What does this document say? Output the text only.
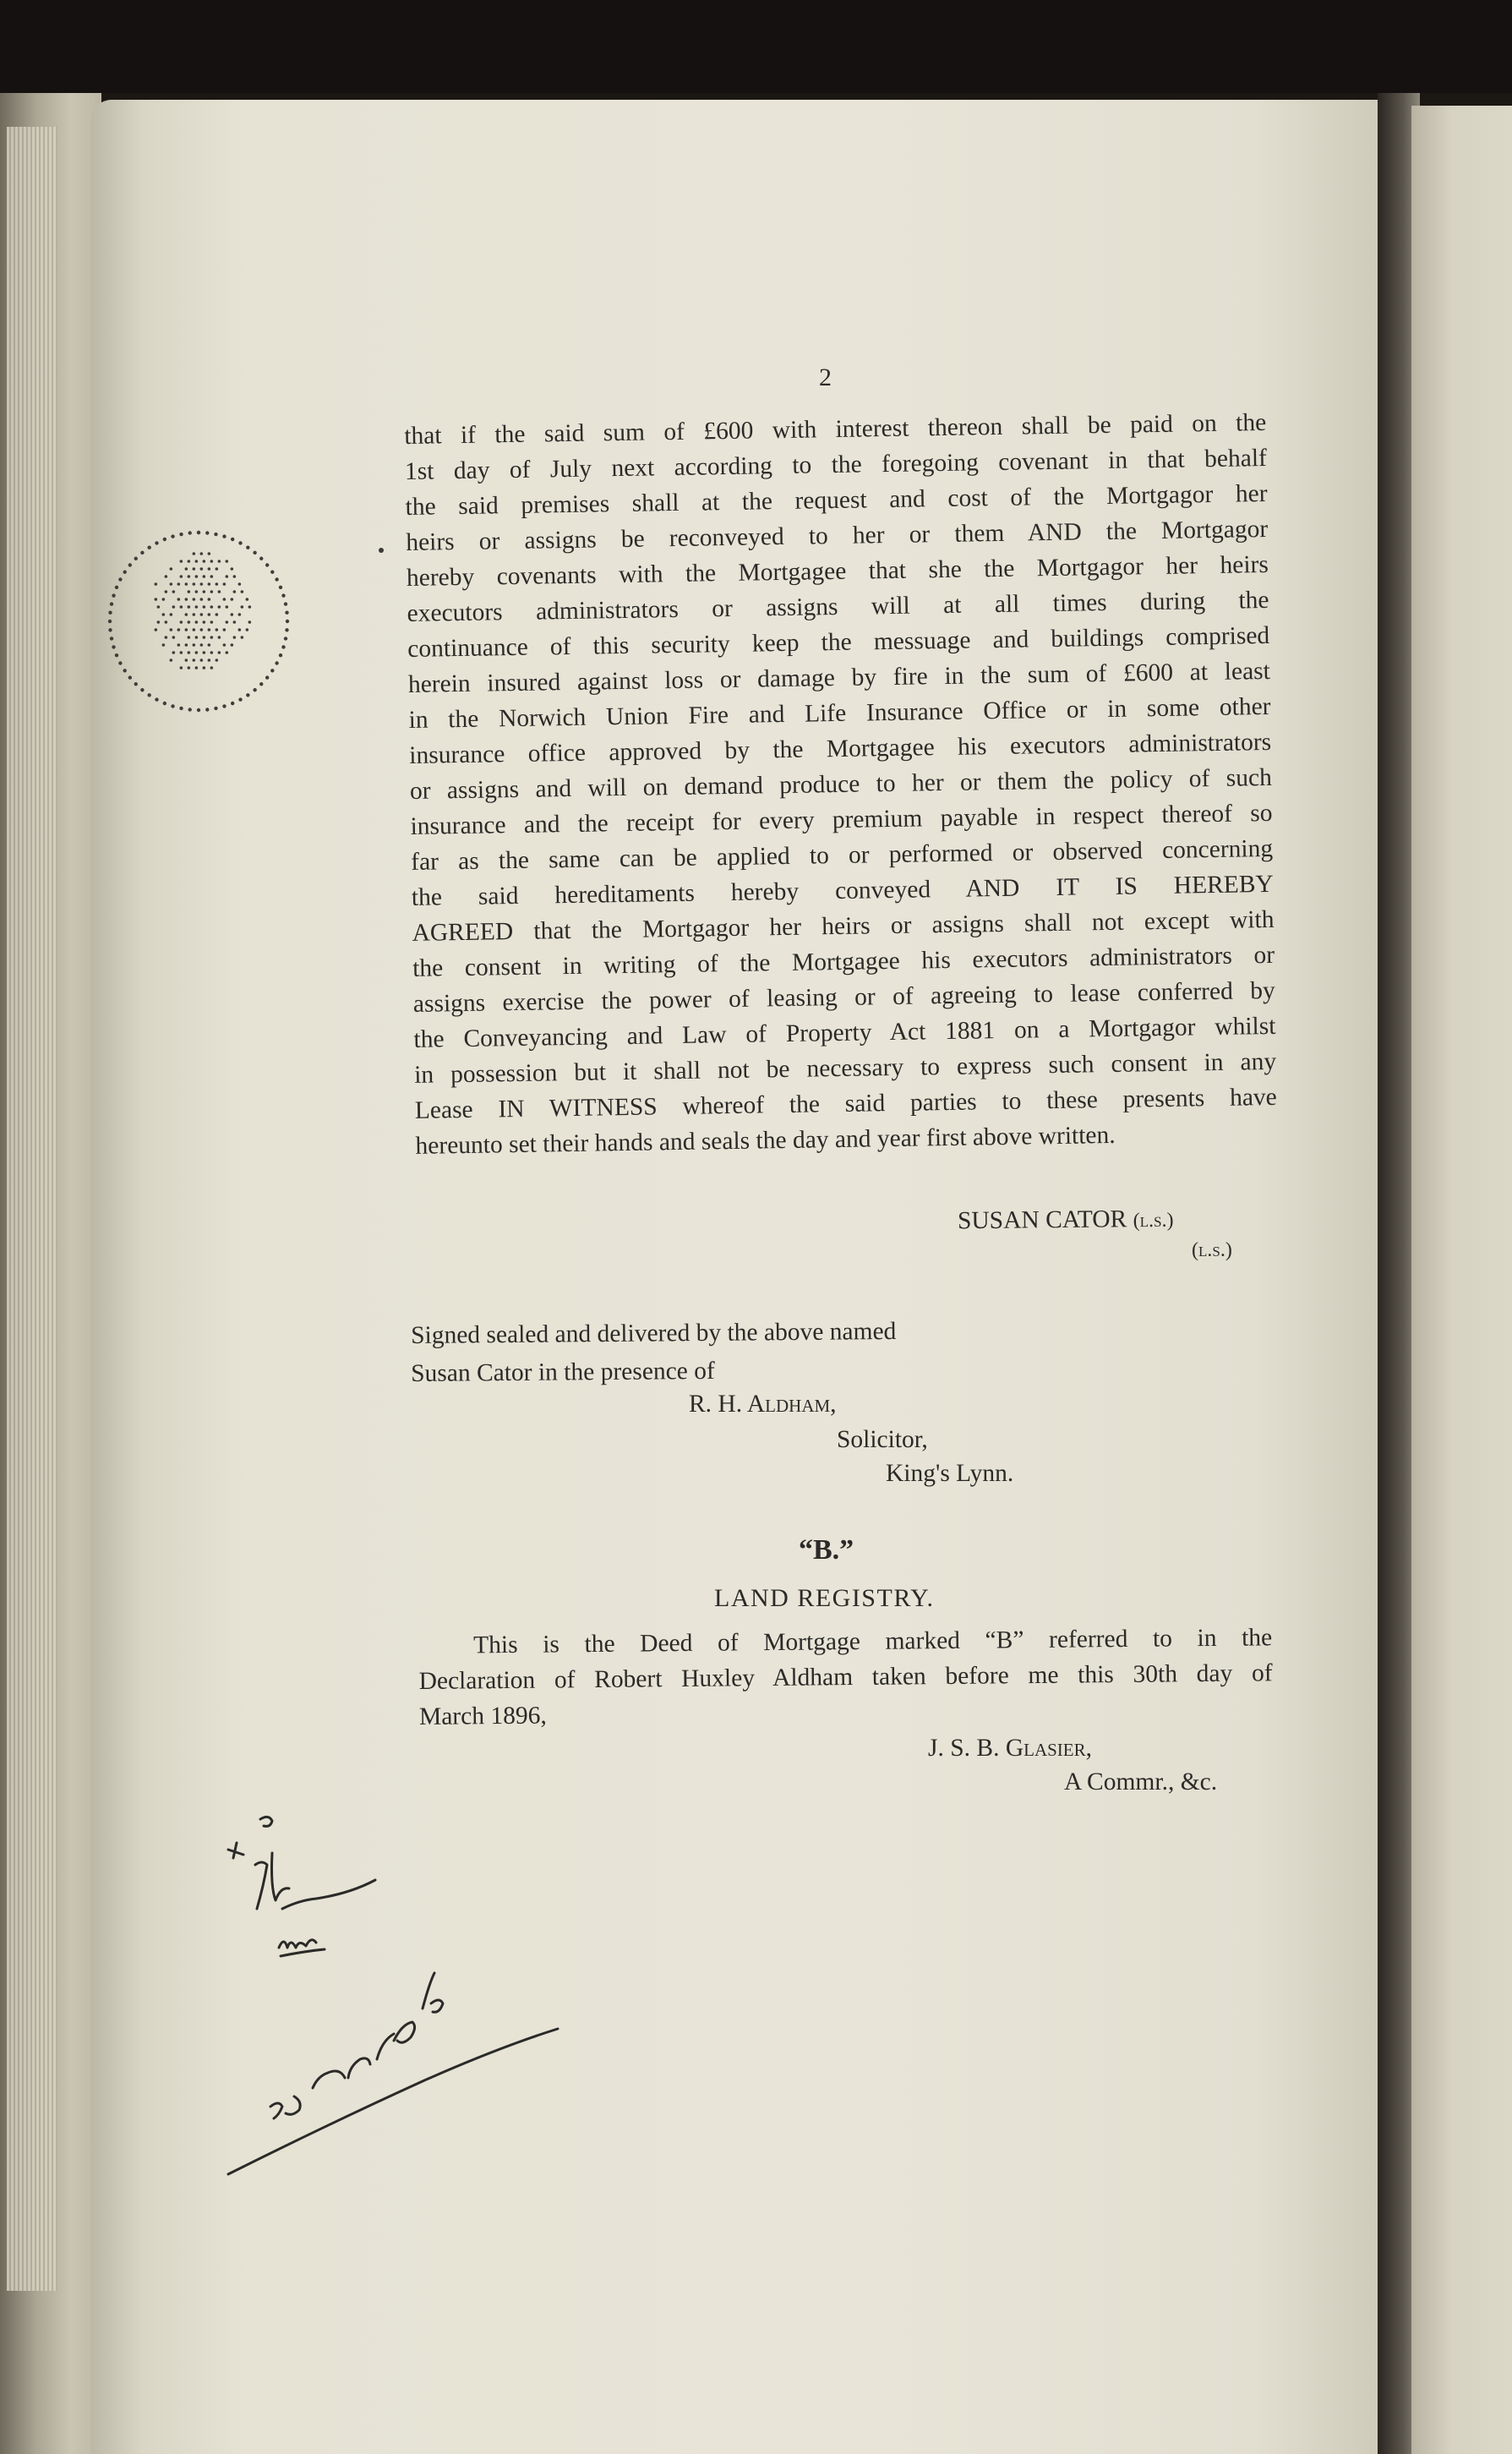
2
that if the said sum of £600 with interest thereon shall be paid on the
1st day of July next according to the foregoing covenant in that behalf
the said premises shall at the request and cost of the Mortgagor her
heirs or assigns be reconveyed to her or them AND the Mortgagor
hereby covenants with the Mortgagee that she the Mortgagor her heirs
executors administrators or assigns will at all times during the
continuance of this security keep the messuage and buildings comprised
herein insured against loss or damage by fire in the sum of £600 at least
in the Norwich Union Fire and Life Insurance Office or in some other
insurance office approved by the Mortgagee his executors administrators
or assigns and will on demand produce to her or them the policy of such
insurance and the receipt for every premium payable in respect thereof so
far as the same can be applied to or performed or observed concerning
the said hereditaments hereby conveyed AND IT IS HEREBY
AGREED that the Mortgagor her heirs or assigns shall not except with
the consent in writing of the Mortgagee his executors administrators or
assigns exercise the power of leasing or of agreeing to lease conferred by
the Conveyancing and Law of Property Act 1881 on a Mortgagor whilst
in possession but it shall not be necessary to express such consent in any
Lease IN WITNESS whereof the said parties to these presents have
hereunto set their hands and seals the day and year first above written.
SUSAN CATOR (l.s.)
(l.s.)
Signed sealed and delivered by the above named
Susan Cator in the presence of
R. H. Aldham,
Solicitor,
King's Lynn.
“B.”
LAND REGISTRY.
This is the Deed of Mortgage marked “B” referred to in the
Declaration of Robert Huxley Aldham taken before me this 30th day of
March 1896,
J. S. B. Glasier,
A Commr., &c.
